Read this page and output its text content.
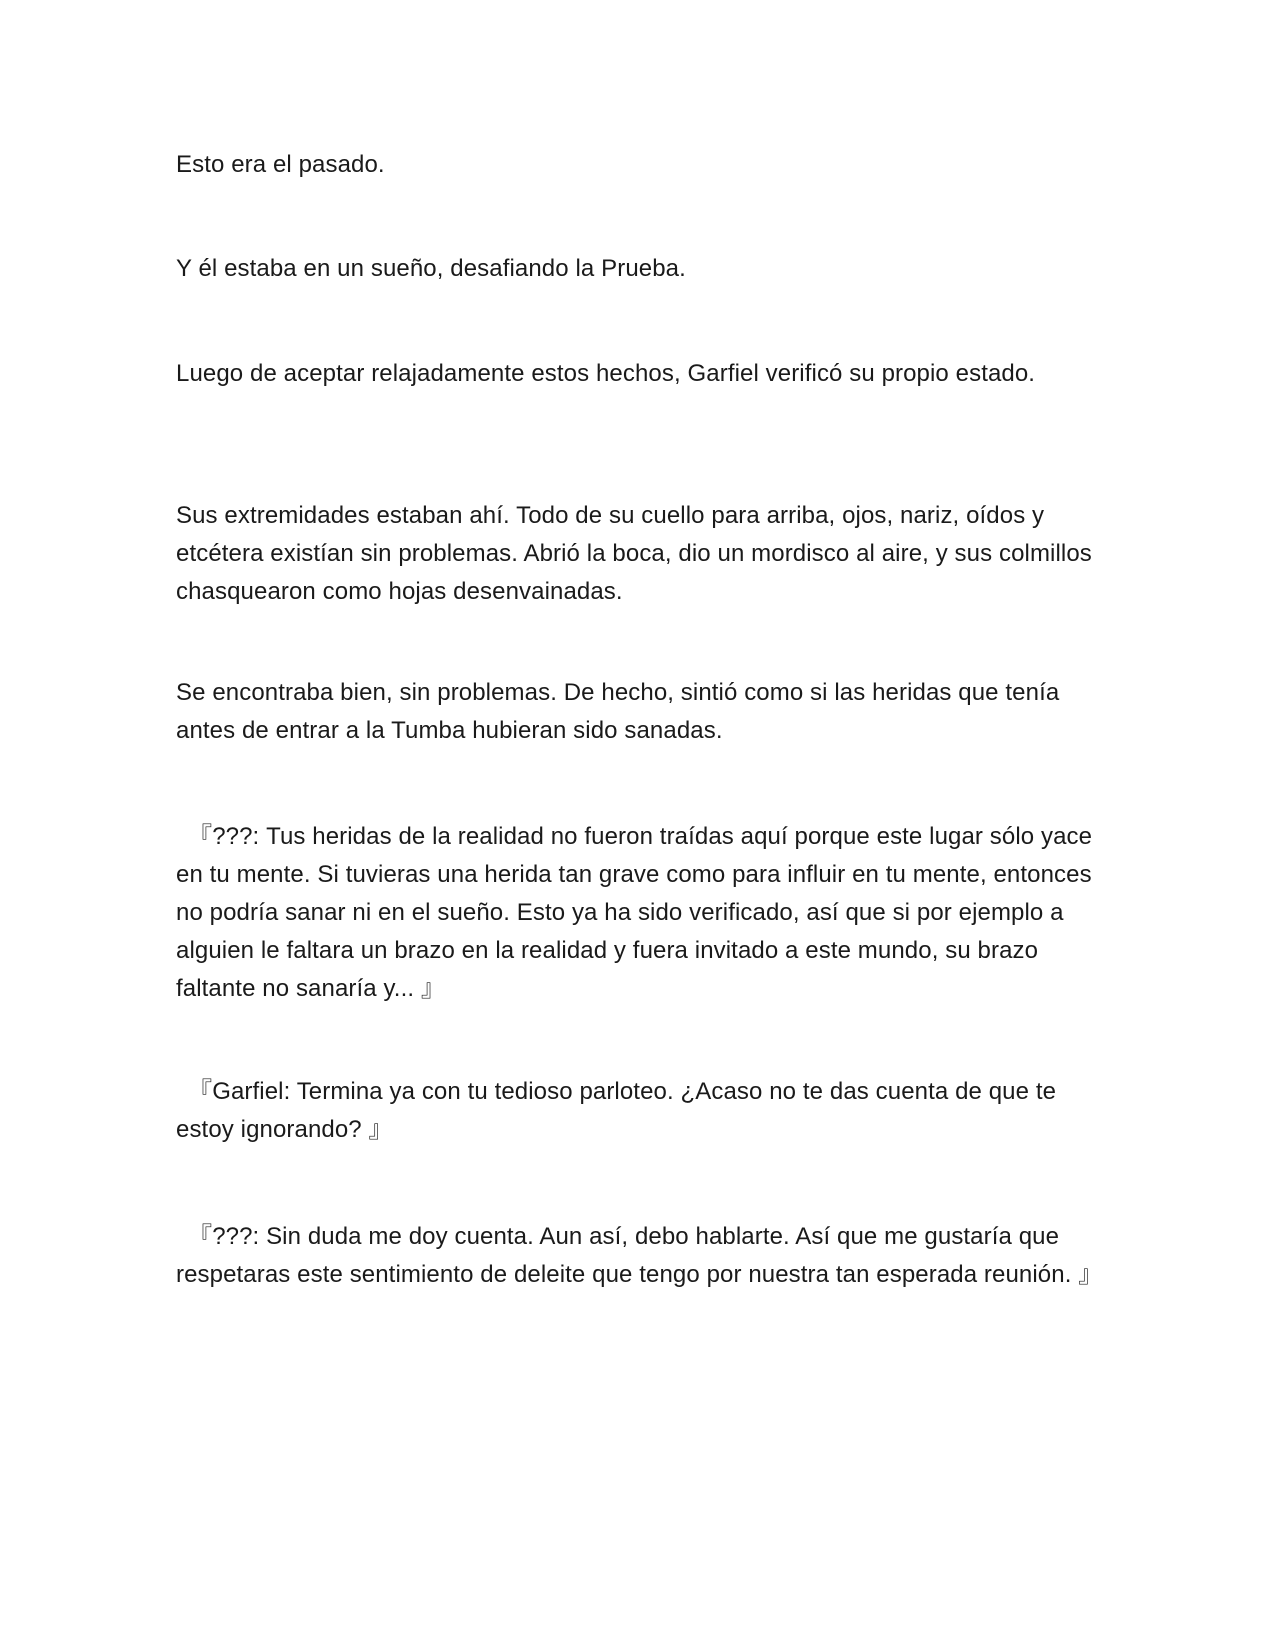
Esto era el pasado.

Y él estaba en un sueño, desafiando la Prueba.

Luego de aceptar relajadamente estos hechos, Garfiel verificó su propio estado.

Sus extremidades estaban ahí. Todo de su cuello para arriba, ojos, nariz, oídos y etcétera existían sin problemas. Abrió la boca, dio un mordisco al aire, y sus colmillos chasquearon como hojas desenvainadas.

Se encontraba bien, sin problemas. De hecho, sintió como si las heridas que tenía antes de entrar a la Tumba hubieran sido sanadas.

　『???: Tus heridas de la realidad no fueron traídas aquí porque este lugar sólo yace en tu mente. Si tuvieras una herida tan grave como para influir en tu mente, entonces no podría sanar ni en el sueño. Esto ya ha sido verificado, así que si por ejemplo a alguien le faltara un brazo en la realidad y fuera invitado a este mundo, su brazo faltante no sanaría y... 』

　『Garfiel: Termina ya con tu tedioso parloteo. ¿Acaso no te das cuenta de que te estoy ignorando? 』

　『???: Sin duda me doy cuenta. Aun así, debo hablarte. Así que me gustaría que respetaras este sentimiento de deleite que tengo por nuestra tan esperada reunión. 』
